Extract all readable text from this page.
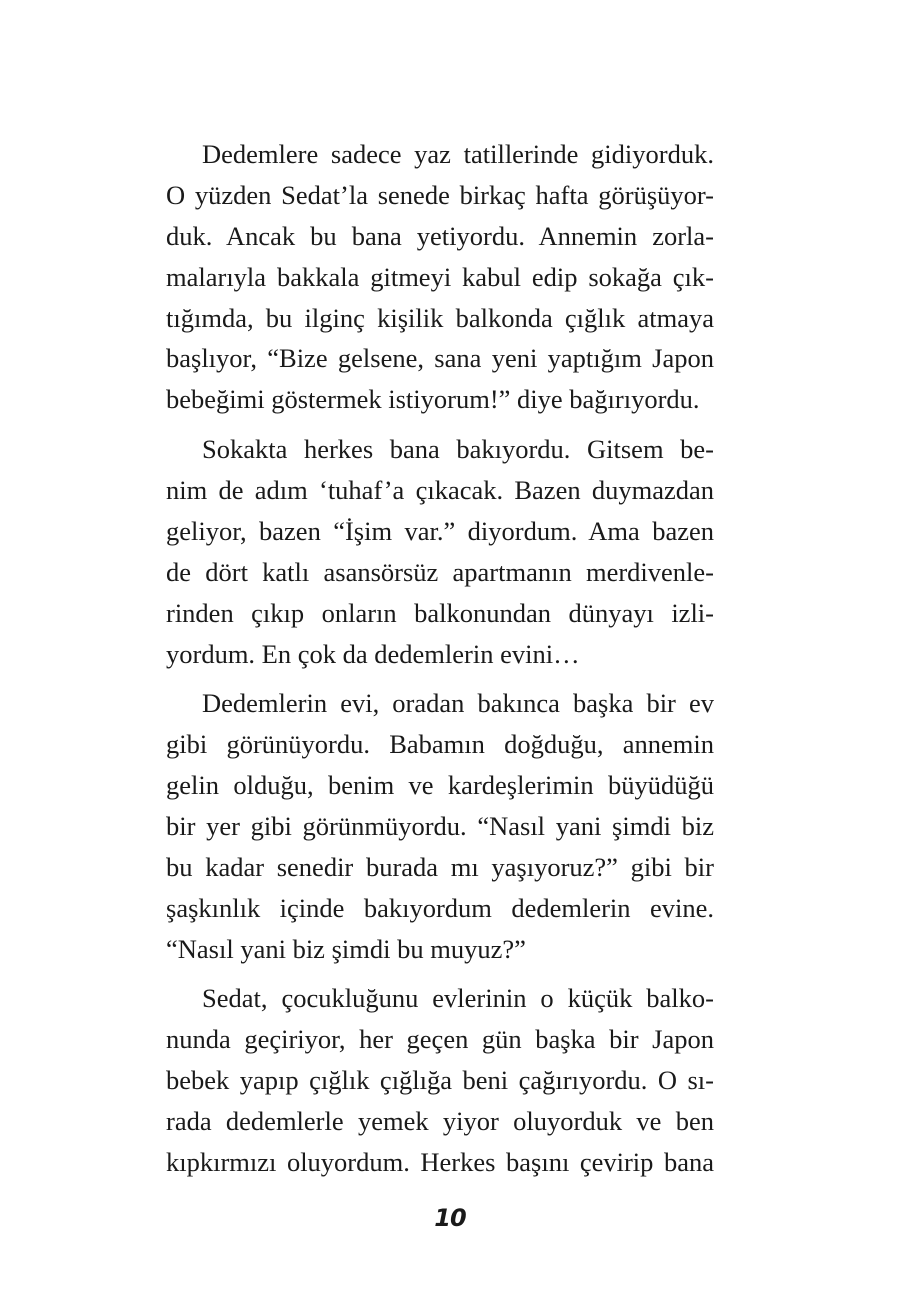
Dedemlere sadece yaz tatillerinde gidiyorduk.
O yüzden Sedat’la senede birkaç hafta görüşüyor-
duk. Ancak bu bana yetiyordu. Annemin zorla-
malarıyla bakkala gitmeyi kabul edip sokağa çık-
tığımda, bu ilginç kişilik balkonda çığlık atmaya
başlıyor, “Bize gelsene, sana yeni yaptığım Japon
bebeğimi göstermek istiyorum!” diye bağırıyordu.
Sokakta herkes bana bakıyordu. Gitsem be-
nim de adım ‘tuhaf’a çıkacak. Bazen duymazdan
geliyor, bazen “İşim var.” diyordum. Ama bazen
de dört katlı asansörsüz apartmanın merdivenle-
rinden çıkıp onların balkonundan dünyayı izli-
yordum. En çok da dedemlerin evini…
Dedemlerin evi, oradan bakınca başka bir ev
gibi görünüyordu. Babamın doğduğu, annemin
gelin olduğu, benim ve kardeşlerimin büyüdüğü
bir yer gibi görünmüyordu. “Nasıl yani şimdi biz
bu kadar senedir burada mı yaşıyoruz?” gibi bir
şaşkınlık içinde bakıyordum dedemlerin evine.
“Nasıl yani biz şimdi bu muyuz?”
Sedat, çocukluğunu evlerinin o küçük balko-
nunda geçiriyor, her geçen gün başka bir Japon
bebek yapıp çığlık çığlığa beni çağırıyordu. O sı-
rada dedemlerle yemek yiyor oluyorduk ve ben
kıpkırmızı oluyordum. Herkes başını çevirip bana
10
